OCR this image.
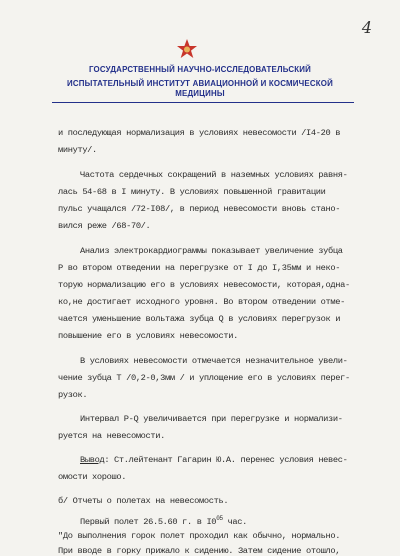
4
ГОСУДАРСТВЕННЫЙ НАУЧНО-ИССЛЕДОВАТЕЛЬСКИЙ
ИСПЫТАТЕЛЬНЫЙ ИНСТИТУТ АВИАЦИОННОЙ И КОСМИЧЕСКОЙ МЕДИЦИНЫ
и последующая нормализация в условиях невесомости /I4-20 в
минуту/.
Частота сердечных сокращений в наземных условиях равня-
лась 54-68 в I минуту. В условиях повышенной гравитации
пульс учащался /72-I08/, в период невесомости вновь стано-
вился реже /68-70/.
Анализ электрокардиограммы показывает увеличение зубца
P во втором отведении на перегрузке от I до I,35мм и неко-
торую нормализацию его в условиях невесомости, которая,одна-
ко,не достигает исходного уровня. Во втором отведении отме-
чается уменьшение вольтажа зубца Q в условиях перегрузок и
повышение его в условиях невесомости.
В условиях невесомости отмечается незначительное увели-
чение зубца T /0,2-0,3мм / и уплощение его в условиях перег-
рузок.
Интервал P-Q увеличивается при перегрузке и нормализи-
руется на невесомости.
Вывод: Ст.лейтенант Гагарин Ю.А. перенес условия невес-
омости хорошо.
б/ Отчеты о полетах на невесомость.
Первый полет 26.5.60 г. в $I0^{05}$ час.
"До выполнения горок полет проходил как обычно, нормально.
При вводе в горку прижало к сидению. Затем сидение отошло,
